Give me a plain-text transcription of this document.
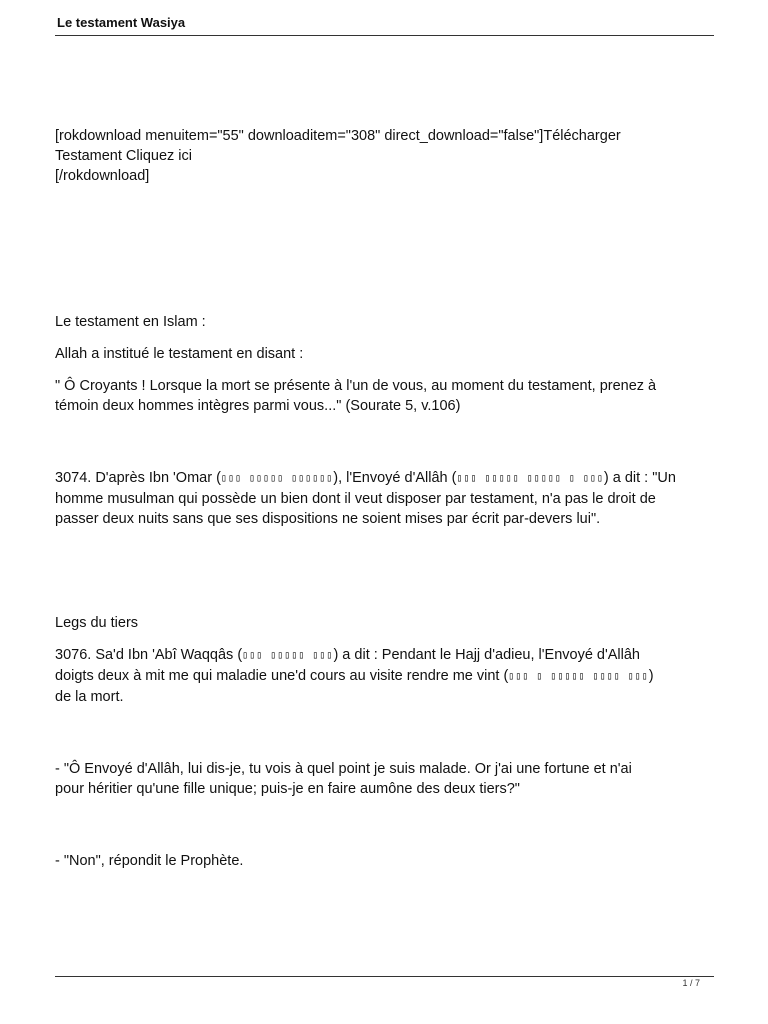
Le testament Wasiya

[rokdownload menuitem="55" downloaditem="308" direct_download="false"]Télécharger
Testament Cliquez ici
[/rokdownload]

Le testament en Islam :

Allah a institué le testament en disant :

" Ô Croyants ! Lorsque la mort se présente à l'un de vous, au moment du testament, prenez à
témoin deux hommes intègres parmi vous..." (Sourate 5, v.106)

3074. D'après Ibn 'Omar (▯▯▯ ▯▯▯▯▯ ▯▯▯▯▯▯), l'Envoyé d'Allâh (▯▯▯ ▯▯▯▯▯ ▯▯▯▯▯ ▯ ▯▯▯) a dit : "Un
homme musulman qui possède un bien dont il veut disposer par testament, n'a pas le droit de
passer deux nuits sans que ses dispositions ne soient mises par écrit par-devers lui".

Legs du tiers

3076. Sa'd Ibn 'Abî Waqqâs (▯▯▯ ▯▯▯▯▯ ▯▯▯) a dit : Pendant le Hajj d'adieu, l'Envoyé d'Allâh
doigts deux à mit me qui maladie une'd cours au visite rendre me vint (▯▯▯ ▯ ▯▯▯▯▯ ▯▯▯▯ ▯▯▯)
de la mort.

- "Ô Envoyé d'Allâh, lui dis-je, tu vois à quel point je suis malade. Or j'ai une fortune et n'ai
pour héritier qu'une fille unique; puis-je en faire aumône des deux tiers?"

- "Non", répondit le Prophète.

1 / 7
